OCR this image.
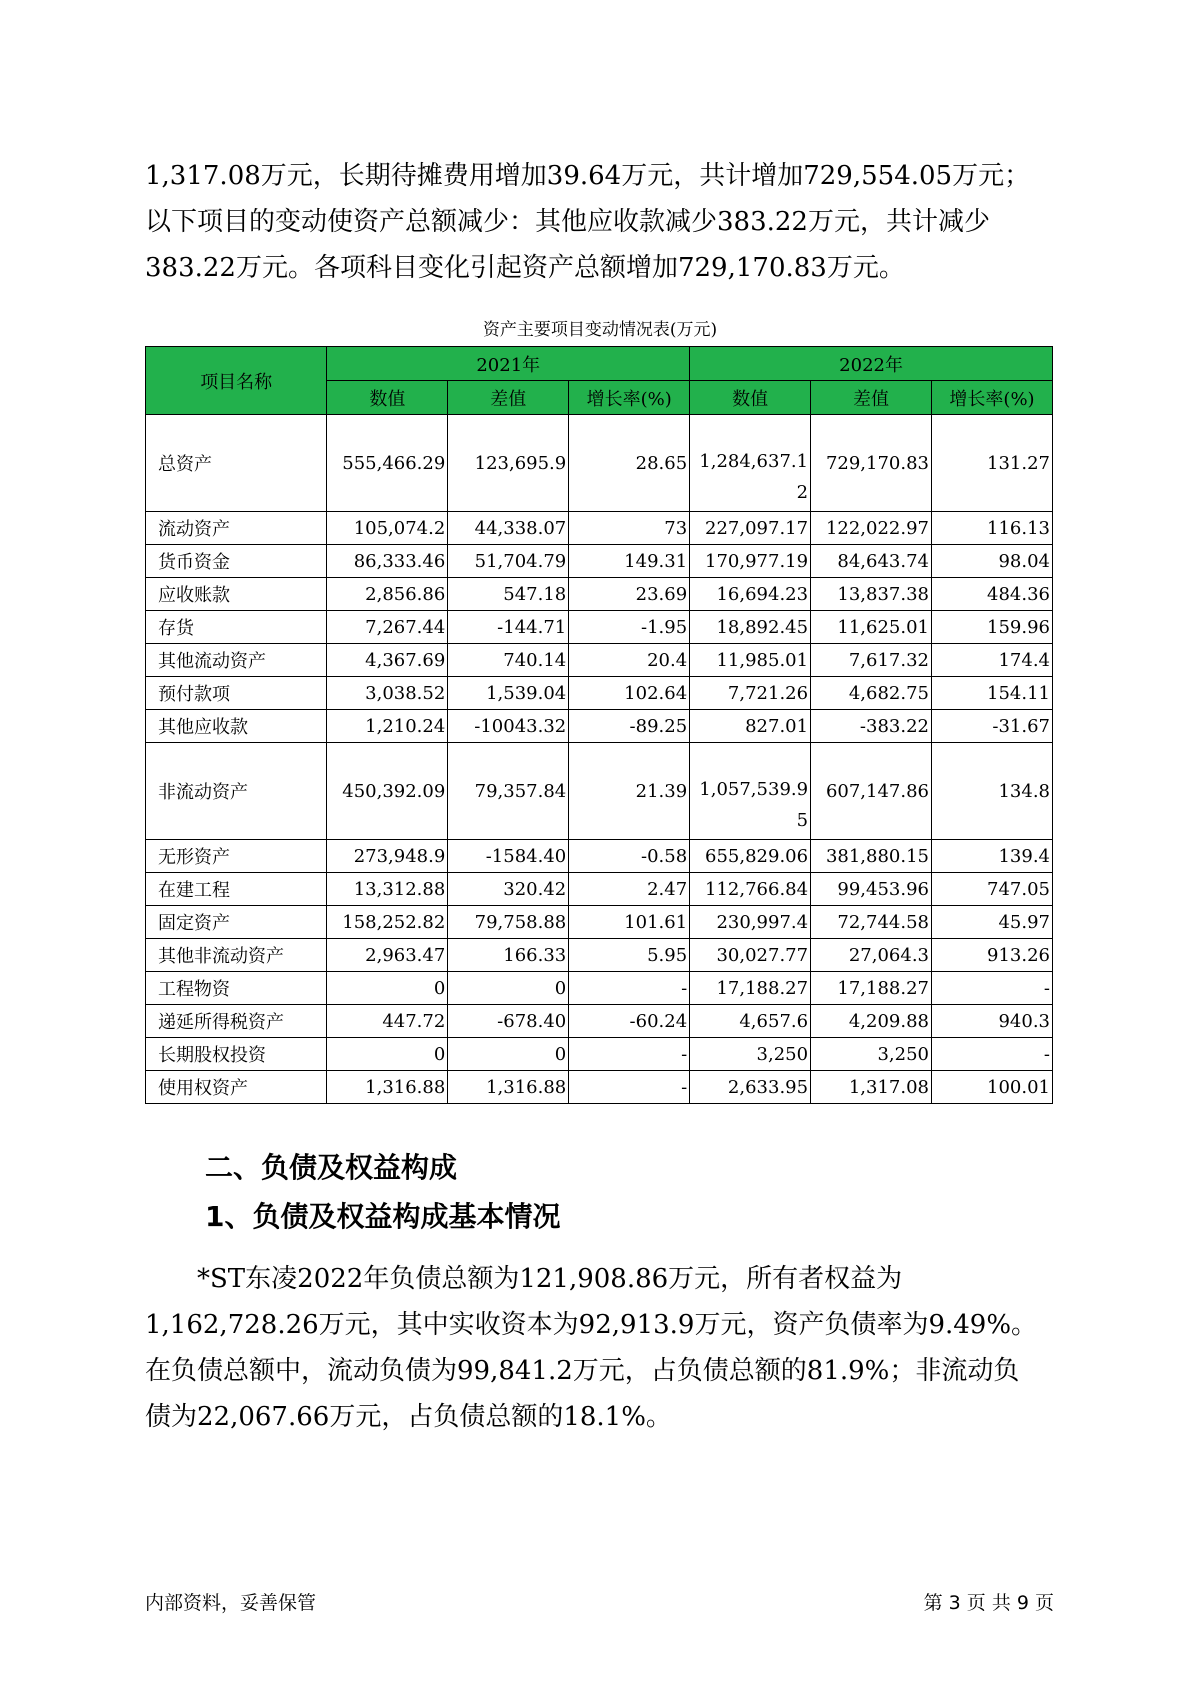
1,317.08万元，长期待摊费用增加39.64万元，共计增加729,554.05万元；
以下项目的变动使资产总额减少：其他应收款减少383.22万元，共计减少
383.22万元。各项科目变化引起资产总额增加729,170.83万元。
资产主要项目变动情况表(万元)
项目名称	2021年			2022年		
	数值	差值	增长率(%)	数值	差值	增长率(%)
总资产	555,466.29	123,695.9	28.65	1,284,637.12	729,170.83	131.27
流动资产	105,074.2	44,338.07	73	227,097.17	122,022.97	116.13
货币资金	86,333.46	51,704.79	149.31	170,977.19	84,643.74	98.04
应收账款	2,856.86	547.18	23.69	16,694.23	13,837.38	484.36
存货	7,267.44	-144.71	-1.95	18,892.45	11,625.01	159.96
其他流动资产	4,367.69	740.14	20.4	11,985.01	7,617.32	174.4
预付款项	3,038.52	1,539.04	102.64	7,721.26	4,682.75	154.11
其他应收款	1,210.24	-10043.32	-89.25	827.01	-383.22	-31.67
非流动资产	450,392.09	79,357.84	21.39	1,057,539.95	607,147.86	134.8
无形资产	273,948.9	-1584.40	-0.58	655,829.06	381,880.15	139.4
在建工程	13,312.88	320.42	2.47	112,766.84	99,453.96	747.05
固定资产	158,252.82	79,758.88	101.61	230,997.4	72,744.58	45.97
其他非流动资产	2,963.47	166.33	5.95	30,027.77	27,064.3	913.26
工程物资	0	0	-	17,188.27	17,188.27	-
递延所得税资产	447.72	-678.40	-60.24	4,657.6	4,209.88	940.3
长期股权投资	0	0	-	3,250	3,250	-
使用权资产	1,316.88	1,316.88	-	2,633.95	1,317.08	100.01
二、负债及权益构成
1、负债及权益构成基本情况
*ST东凌2022年负债总额为121,908.86万元，所有者权益为
1,162,728.26万元，其中实收资本为92,913.9万元，资产负债率为9.49%。
在负债总额中，流动负债为99,841.2万元，占负债总额的81.9%；非流动负
债为22,067.66万元，占负债总额的18.1%。
内部资料，妥善保管	第 3 页 共 9 页
